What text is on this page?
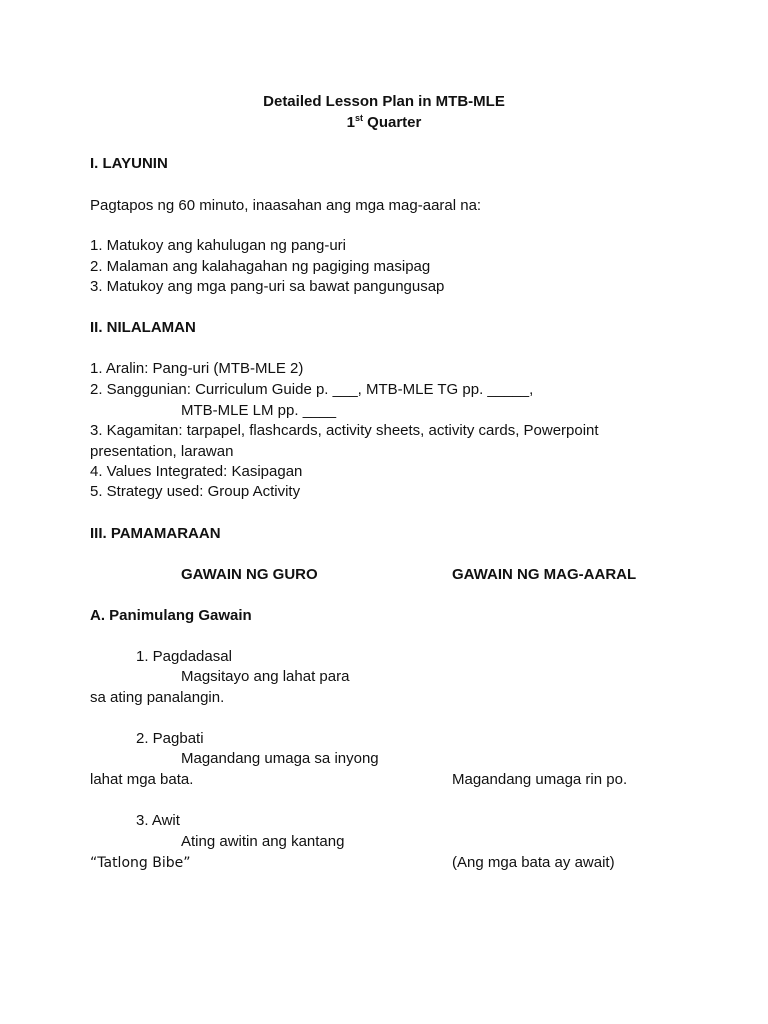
Detailed Lesson Plan in MTB-MLE
1st Quarter
I. LAYUNIN
Pagtapos ng 60 minuto, inaasahan ang mga mag-aaral na:
1. Matukoy ang kahulugan ng pang-uri
2. Malaman ang kalahagahan ng pagiging masipag
3. Matukoy ang mga pang-uri sa bawat pangungusap
II. NILALAMAN
1. Aralin: Pang-uri (MTB-MLE 2)
2. Sanggunian: Curriculum Guide p. ___, MTB-MLE TG pp. _____,
MTB-MLE LM pp. ____
3. Kagamitan: tarpapel, flashcards, activity sheets, activity cards, Powerpoint
presentation, larawan
4. Values Integrated: Kasipagan
5. Strategy used: Group Activity
III. PAMAMARAAN
GAWAIN NG GURO	GAWAIN NG MAG-AARAL
A. Panimulang Gawain
1. Pagdadasal
Magsitayo ang lahat para
sa ating panalangin.
2. Pagbati
Magandang umaga sa inyong
lahat mga bata.	Magandang umaga rin po.
3. Awit
Ating awitin ang kantang
“Tatlong Bibe”	(Ang mga bata ay await)
